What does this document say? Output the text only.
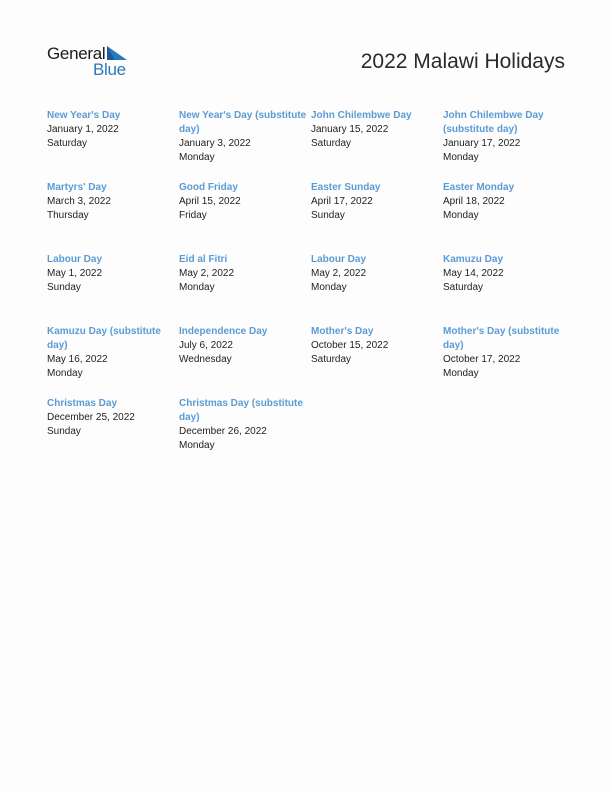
General
Blue	2022 Malawi Holidays
New Year's Day
January 1, 2022
Saturday
New Year's Day (substitute day)
January 3, 2022
Monday
John Chilembwe Day
January 15, 2022
Saturday
John Chilembwe Day (substitute day)
January 17, 2022
Monday
Martyrs' Day
March 3, 2022
Thursday
Good Friday
April 15, 2022
Friday
Easter Sunday
April 17, 2022
Sunday
Easter Monday
April 18, 2022
Monday
Labour Day
May 1, 2022
Sunday
Eid al Fitri
May 2, 2022
Monday
Labour Day
May 2, 2022
Monday
Kamuzu Day
May 14, 2022
Saturday
Kamuzu Day (substitute day)
May 16, 2022
Monday
Independence Day
July 6, 2022
Wednesday
Mother's Day
October 15, 2022
Saturday
Mother's Day (substitute day)
October 17, 2022
Monday
Christmas Day
December 25, 2022
Sunday
Christmas Day (substitute day)
December 26, 2022
Monday
